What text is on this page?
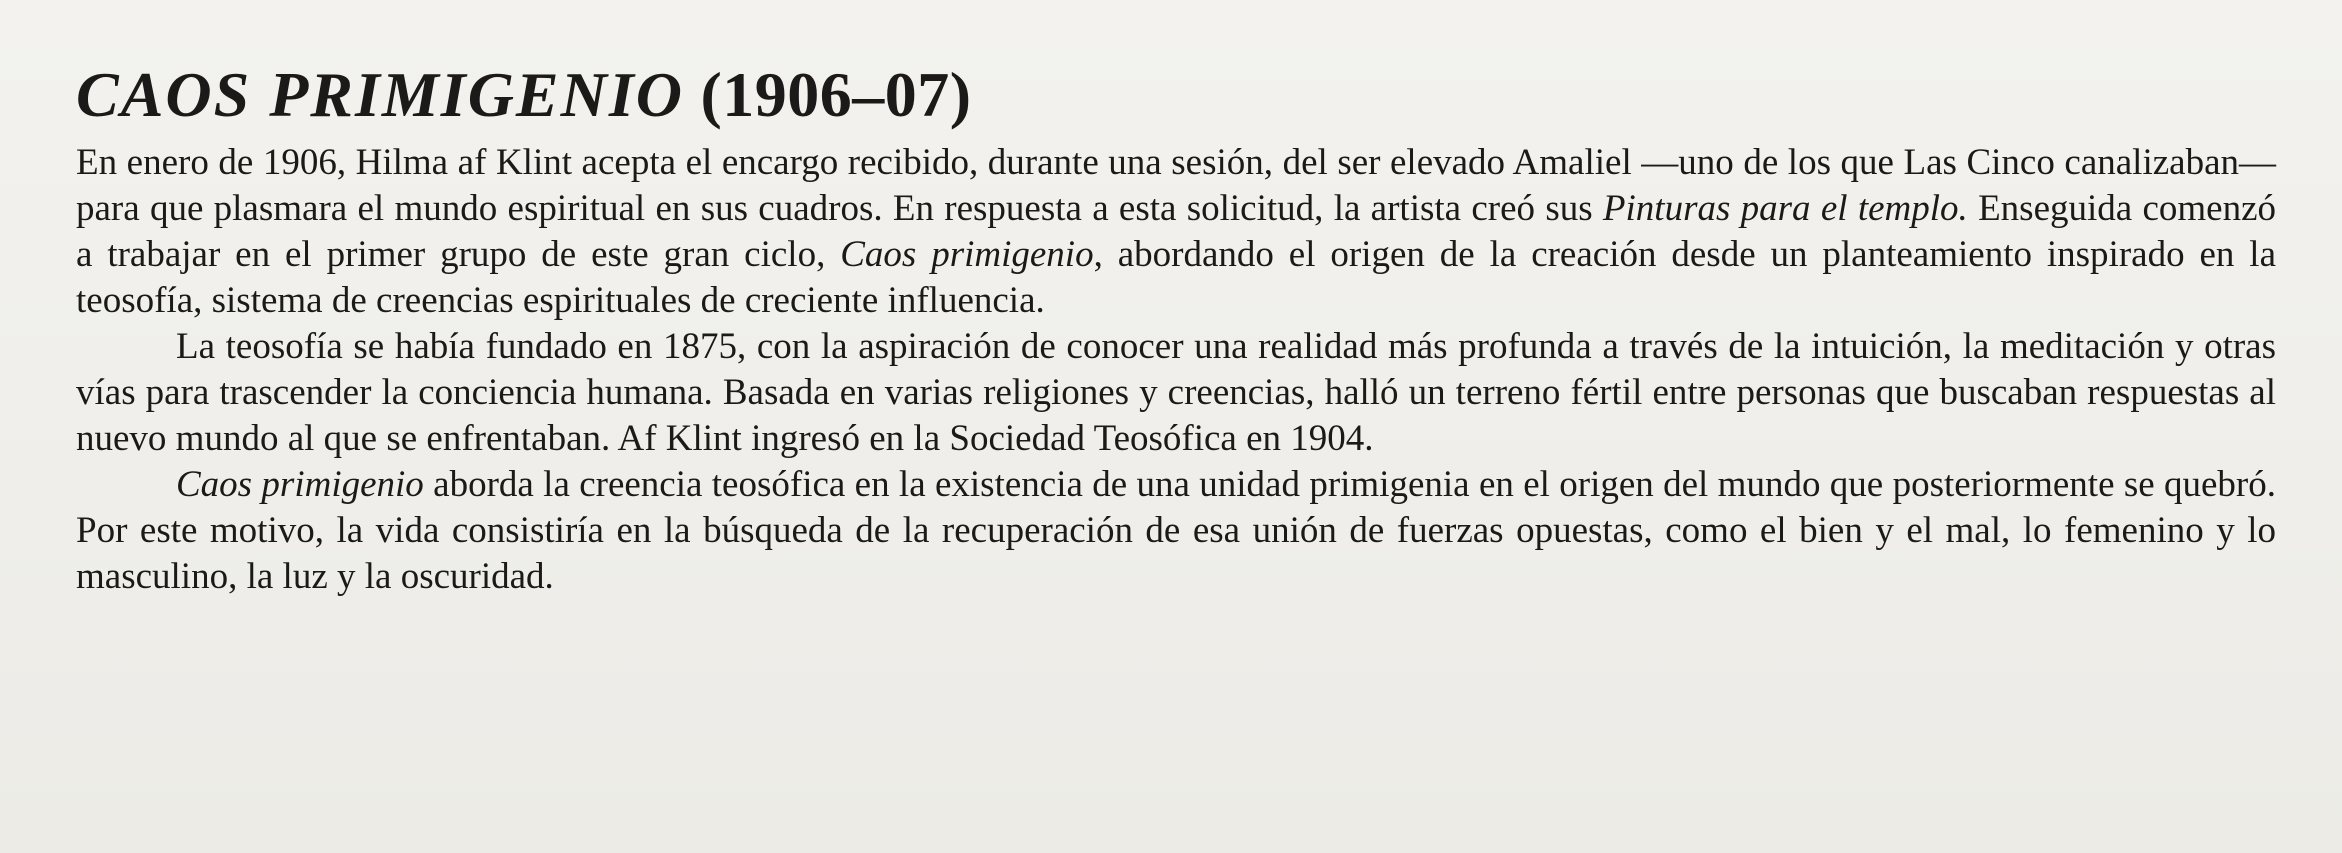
CAOS PRIMIGENIO (1906–07)

En enero de 1906, Hilma af Klint acepta el encargo recibido, durante una sesión, del ser elevado Amaliel —uno de los que Las Cinco canalizaban— para que plasmara el mundo espiritual en sus cuadros. En respuesta a esta solicitud, la artista creó sus Pinturas para el templo. Enseguida comenzó a trabajar en el primer grupo de este gran ciclo, Caos primigenio, abordando el origen de la creación desde un planteamiento inspirado en la teosofía, sistema de creencias espirituales de creciente influencia.

La teosofía se había fundado en 1875, con la aspiración de conocer una realidad más profunda a través de la intuición, la meditación y otras vías para trascender la conciencia humana. Basada en varias religiones y creencias, halló un terreno fértil entre personas que buscaban respuestas al nuevo mundo al que se enfrentaban. Af Klint ingresó en la Sociedad Teosófica en 1904.

Caos primigenio aborda la creencia teosófica en la existencia de una unidad primigenia en el origen del mundo que posteriormente se quebró. Por este motivo, la vida consistiría en la búsqueda de la recuperación de esa unión de fuerzas opuestas, como el bien y el mal, lo femenino y lo masculino, la luz y la oscuridad.
